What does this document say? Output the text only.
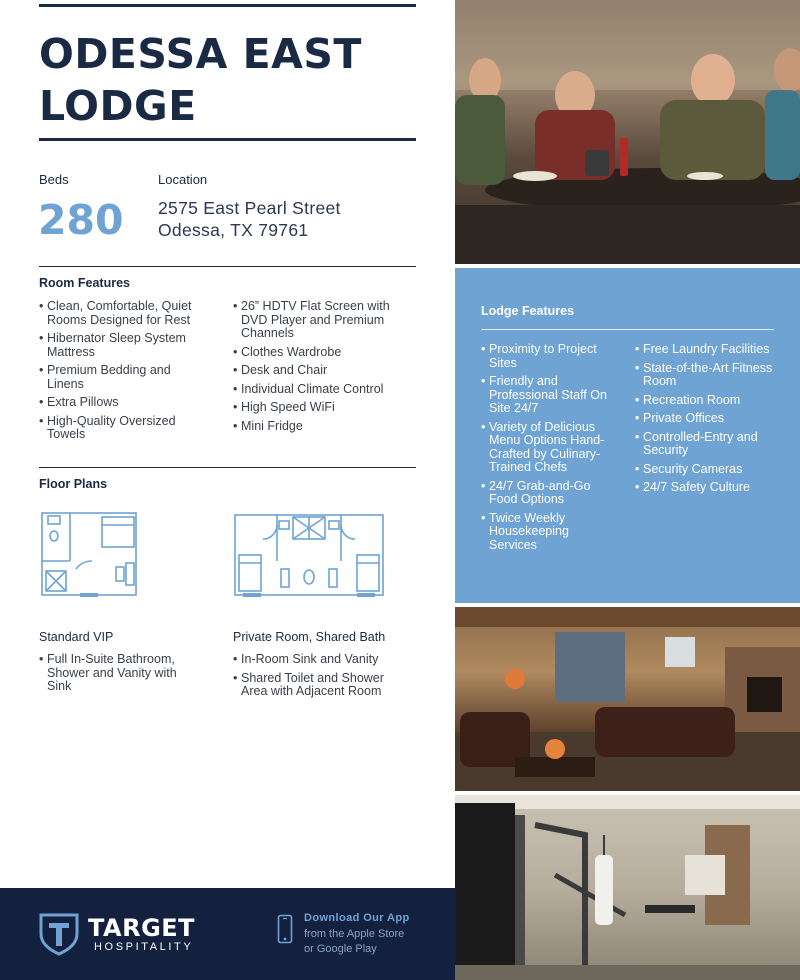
ODESSA EAST
LODGE
Beds	Location
280 2575 East Pearl Street
Odessa, TX 79761
Room Features
• Clean, Comfortable, Quiet Rooms Designed for Rest
• Hibernator Sleep System Mattress
• Premium Bedding and Linens
• Extra Pillows
• High-Quality Oversized Towels
• 26” HDTV Flat Screen with DVD Player and Premium Channels
• Clothes Wardrobe
• Desk and Chair
• Individual Climate Control
• High Speed WiFi
• Mini Fridge
Floor Plans
Standard VIP	Private Room, Shared Bath
• Full In-Suite Bathroom, Shower and Vanity with Sink
• In-Room Sink and Vanity
• Shared Toilet and Shower Area with Adjacent Room
TARGET
HOSPITALITY
Download Our App
from the Apple Store
or Google Play
Lodge Features
• Proximity to Project Sites
• Friendly and Professional Staff On Site 24/7
• Variety of Delicious Menu Options Hand-Crafted by Culinary-Trained Chefs
• 24/7 Grab-and-Go Food Options
• Twice Weekly Housekeeping Services
• Free Laundry Facilities
• State-of-the-Art Fitness Room
• Recreation Room
• Private Offices
• Controlled-Entry and Security
• Security Cameras
• 24/7 Safety Culture
